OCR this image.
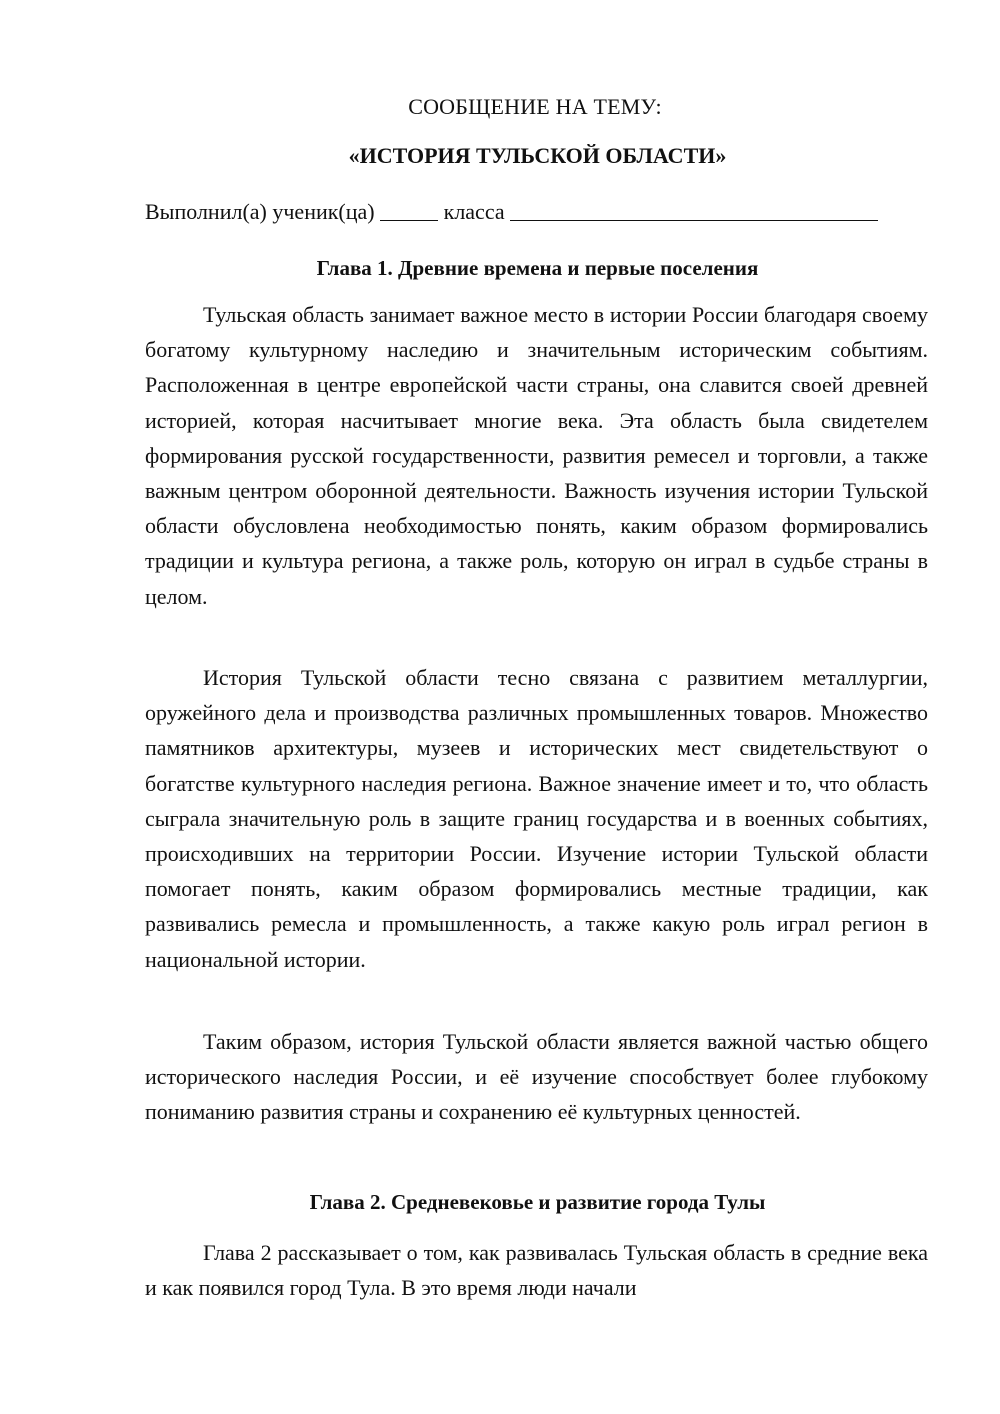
СООБЩЕНИЕ НА ТЕМУ:
«ИСТОРИЯ ТУЛЬСКОЙ ОБЛАСТИ»
Выполнил(а) ученик(ца)	класса
Глава 1. Древние времена и первые поселения

Тульская область занимает важное место в истории России благодаря своему богатому культурному наследию и значительным историческим событиям. Расположенная в центре европейской части страны, она славится своей древней историей, которая насчитывает многие века. Эта область была свидетелем формирования русской государственности, развития ремесел и торговли, а также важным центром оборонной деятельности. Важность изучения истории Тульской области обусловлена необходимостью понять, каким образом формировались традиции и культура региона, а также роль, которую он играл в судьбе страны в целом.

История Тульской области тесно связана с развитием металлургии, оружейного дела и производства различных промышленных товаров. Множество памятников архитектуры, музеев и исторических мест свидетельствуют о богатстве культурного наследия региона. Важное значение имеет и то, что область сыграла значительную роль в защите границ государства и в военных событиях, происходивших на территории России. Изучение истории Тульской области помогает понять, каким образом формировались местные традиции, как развивались ремесла и промышленность, а также какую роль играл регион в национальной истории.

Таким образом, история Тульской области является важной частью общего исторического наследия России, и её изучение способствует более глубокому пониманию развития страны и сохранению её культурных ценностей.

Глава 2. Средневековье и развитие города Тулы

Глава 2 рассказывает о том, как развивалась Тульская область в средние века и как появился город Тула. В это время люди начали
